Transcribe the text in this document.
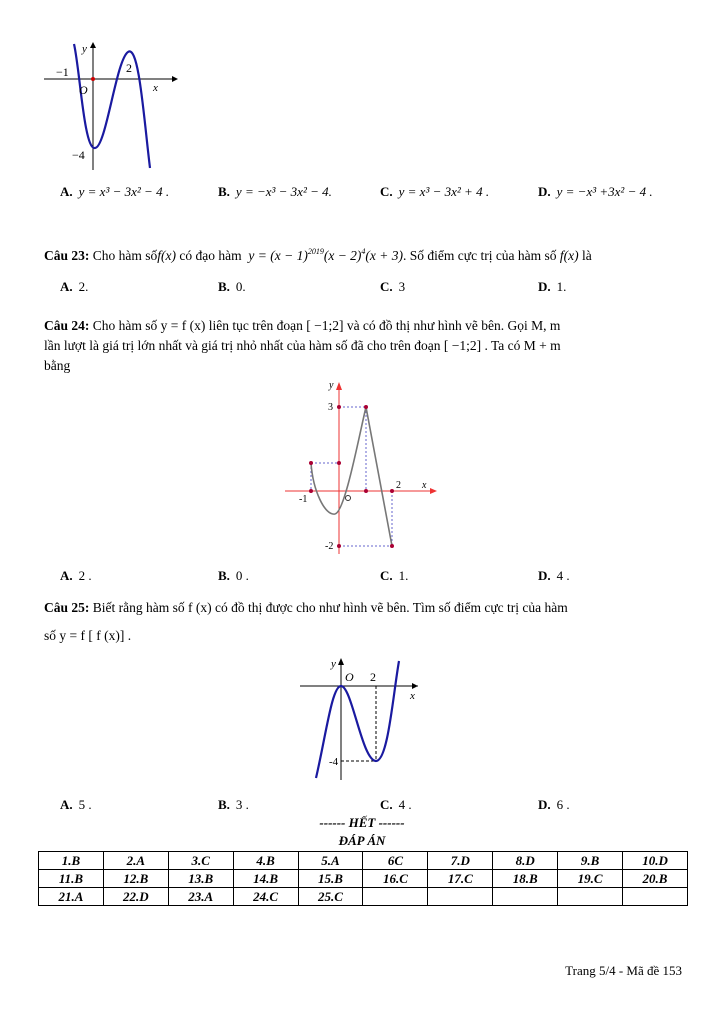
y
x
O
−1	2
−4
A. y = x³ − 3x² − 4 .	B. y = −x³ − 3x² − 4.	C. y = x³ − 3x² + 4 .	D. y = −x³ +3x² − 4 .
Câu 23: Cho hàm sốf(x) có đạo hàm  $y = (x - 1)^{2019}(x - 2)^4(x + 3)$. Số điểm cực trị của hàm số f(x) là
A. 2.	B. 0.	C. 3	D. 1.
Câu 24: Cho hàm số y = f (x) liên tục trên đoạn [ −1;2] và có đồ thị như hình vẽ bên. Gọi M, m
lần lượt là giá trị lớn nhất và giá trị nhỏ nhất của hàm số đã cho trên đoạn [ −1;2] . Ta có M + m
bằng
y
x
3
-2
-1
2
A. 2 .	B. 0 .	C. 1.	D. 4 .
Câu 25: Biết rằng hàm số f (x) có đồ thị được cho như hình vẽ bên. Tìm số điểm cực trị của hàm
số y = f [ f (x)] .
y
x
O 2
-4
A. 5 .	B. 3 .	C. 4 .	D. 6 .
------ HẾT ------
ĐÁP ÁN
1.B	2.A	3.C	4.B	5.A	6C	7.D	8.D	9.B	10.D
11.B	12.B	13.B	14.B	15.B	16.C	17.C	18.B	19.C	20.B
21.A	22.D	23.A	24.C	25.C					
Trang 5/4 - Mã đề 153
